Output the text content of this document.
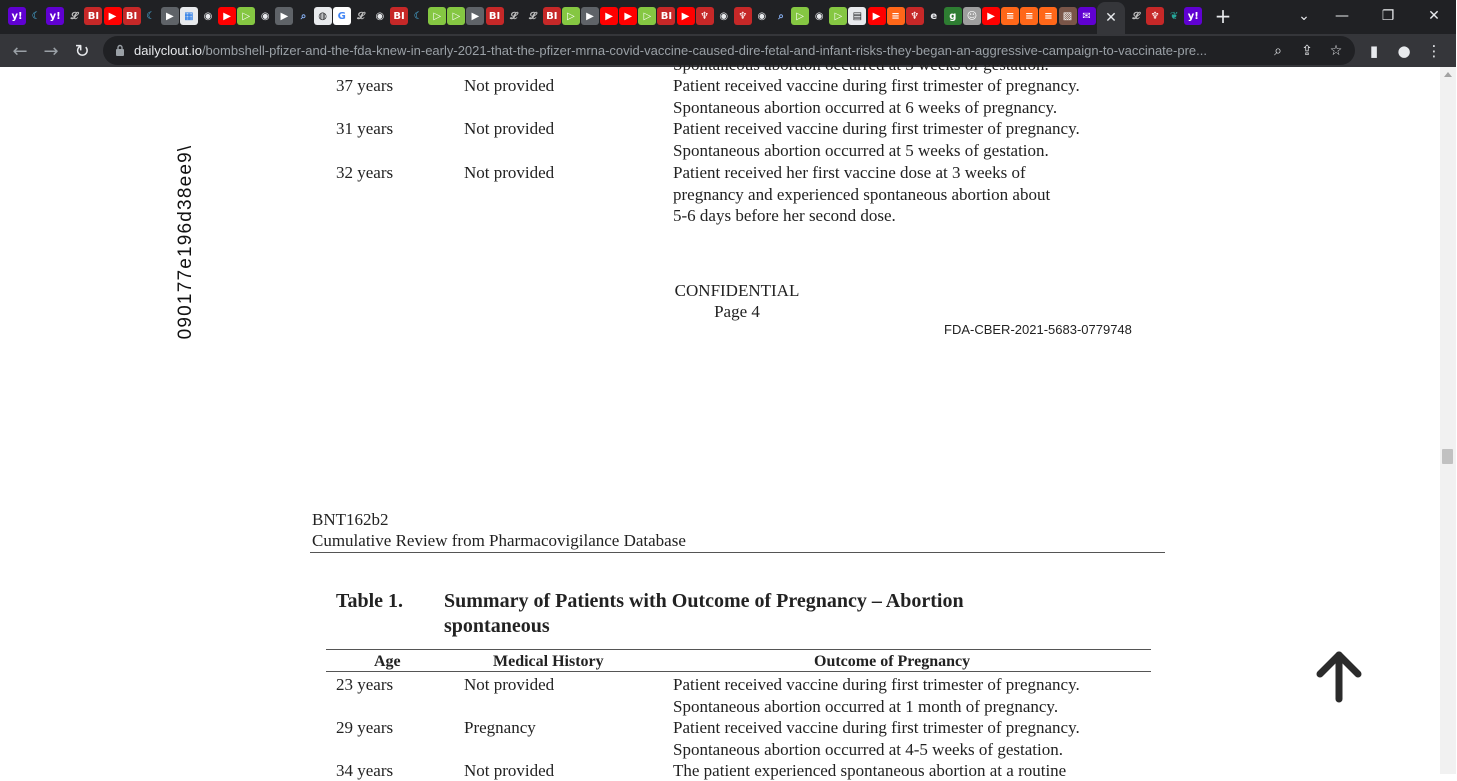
y! ☾ y! 𝓛 BI ▶ BI ☾	▶	▦	◉	▶	▷	◉	▶	⌕	◍	G	𝓛	◉ BI ☾	▷	▷	▶ BI 𝓛	𝓛 BI ▷	▶	▶	▶	▷ BI ▶	♆	◉	♆	◉	⌕	▷	◉	▷	▤	▶	≡	♆	e	g	☺	▶	≡	≡	≡	▨	✉	✕	𝓛	♆	❦ y! +	⌄	—	❐	✕
← → ↻	dailyclout.io/bombshell-pfizer-and-the-fda-knew-in-early-2021-that-the-pfizer-mrna-covid-vaccine-caused-dire-fetal-and-infant-risks-they-began-an-aggressive-campaign-to-vaccinate-pre...	⌕	⇪	☆	▮	●	⋮
090177e196d38ee9\
Spontaneous abortion occurred at 5 weeks of gestation.
37 years	Not provided	Patient received vaccine during first trimester of pregnancy.
Spontaneous abortion occurred at 6 weeks of pregnancy.
31 years	Not provided	Patient received vaccine during first trimester of pregnancy.
Spontaneous abortion occurred at 5 weeks of gestation.
32 years	Not provided	Patient received her first vaccine dose at 3 weeks of
pregnancy and experienced spontaneous abortion about
5-6 days before her second dose.
CONFIDENTIAL
Page 4
FDA-CBER-2021-5683-0779748
BNT162b2
Cumulative Review from Pharmacovigilance Database
Table 1. Summary of Patients with Outcome of Pregnancy – Abortion
spontaneous
Age	Medical History	Outcome of Pregnancy
23 years	Not provided	Patient received vaccine during first trimester of pregnancy.
Spontaneous abortion occurred at 1 month of pregnancy.
29 years	Pregnancy	Patient received vaccine during first trimester of pregnancy.
Spontaneous abortion occurred at 4-5 weeks of gestation.
34 years	Not provided	The patient experienced spontaneous abortion at a routine
